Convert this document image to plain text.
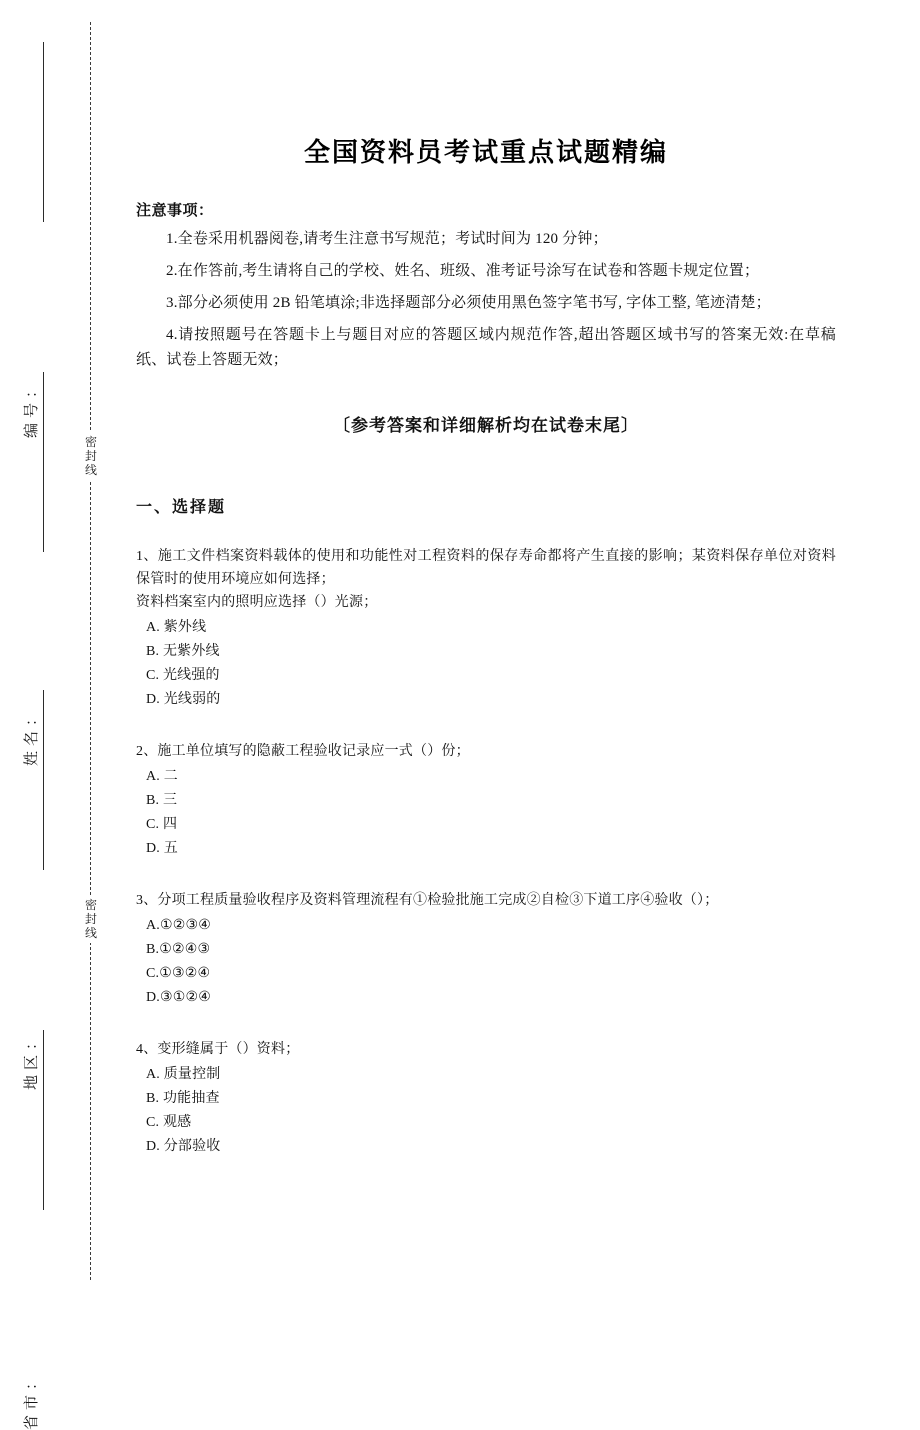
密
封
线
密
封
线
编号：
姓名：
地区：
省市：
全国资料员考试重点试题精编
注意事项：
1.全卷采用机器阅卷,请考生注意书写规范；考试时间为 120 分钟；
2.在作答前,考生请将自己的学校、姓名、班级、准考证号涂写在试卷和答题卡规定位置；
3.部分必须使用 2B 铅笔填涂;非选择题部分必须使用黑色签字笔书写, 字体工整, 笔迹清楚；
4.请按照题号在答题卡上与题目对应的答题区域内规范作答,超出答题区域书写的答案无效:在草稿纸、试卷上答题无效；
〔参考答案和详细解析均在试卷末尾〕
一、选择题
1、施工文件档案资料载体的使用和功能性对工程资料的保存寿命都将产生直接的影响；某资料保存单位对资料保管时的使用环境应如何选择；
资料档案室内的照明应选择（）光源；
A. 紫外线
B. 无紫外线
C. 光线强的
D. 光线弱的
2、施工单位填写的隐蔽工程验收记录应一式（）份；
A. 二
B. 三
C. 四
D. 五
3、分项工程质量验收程序及资料管理流程有①检验批施工完成②自检③下道工序④验收（）；
A.①②③④
B.①②④③
C.①③②④
D.③①②④
4、变形缝属于（）资料；
A. 质量控制
B. 功能抽查
C. 观感
D. 分部验收
